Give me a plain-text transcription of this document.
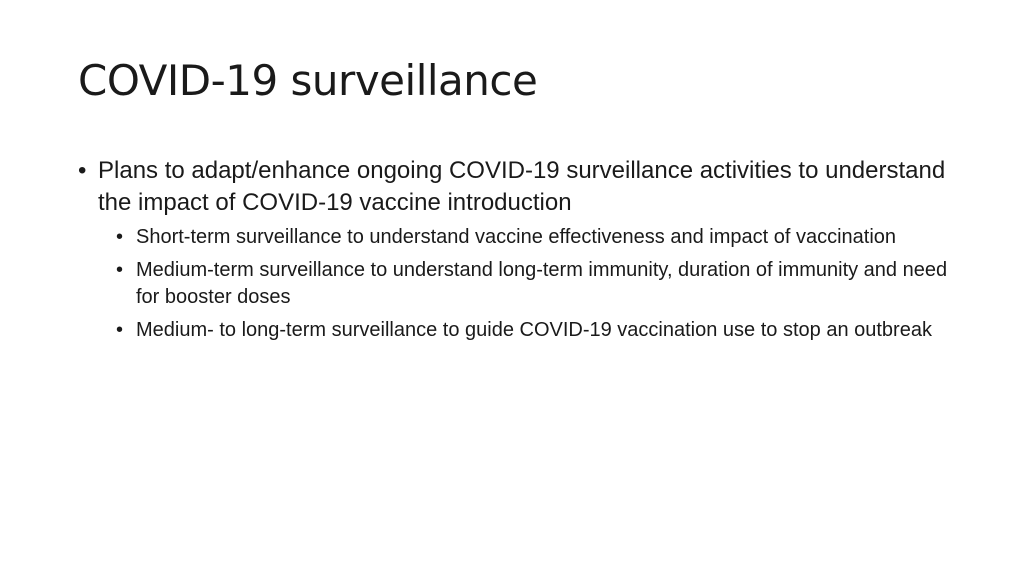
COVID-19 surveillance
• Plans to adapt/enhance ongoing COVID-19 surveillance activities to understand the impact of COVID-19 vaccine introduction
• Short-term surveillance to understand vaccine effectiveness and impact of vaccination
• Medium-term surveillance to understand long-term immunity, duration of immunity and need for booster doses
• Medium- to long-term surveillance to guide COVID-19 vaccination use to stop an outbreak
